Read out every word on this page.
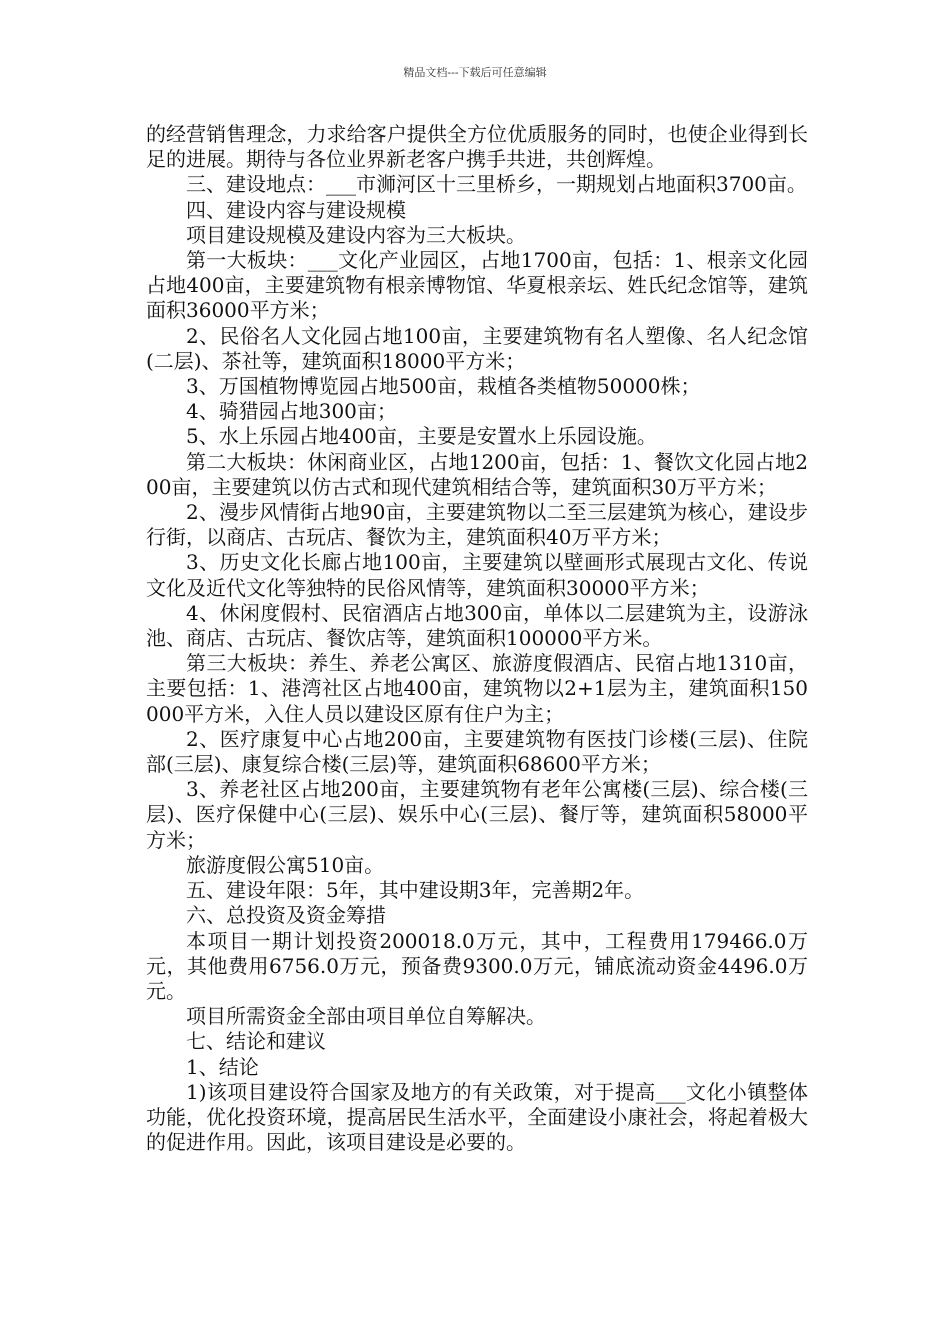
精品文档---下载后可任意编辑

的经营销售理念，力求给客户提供全方位优质服务的同时，也使企业得到长足的进展。期待与各位业界新老客户携手共进，共创辉煌。

三、建设地点：___市浉河区十三里桥乡，一期规划占地面积3700亩。

四、建设内容与建设规模

项目建设规模及建设内容为三大板块。

第一大板块：___文化产业园区，占地1700亩，包括：1、根亲文化园占地400亩，主要建筑物有根亲博物馆、华夏根亲坛、姓氏纪念馆等，建筑面积36000平方米；

2、民俗名人文化园占地100亩，主要建筑物有名人塑像、名人纪念馆(二层)、茶社等，建筑面积18000平方米；

3、万国植物博览园占地500亩，栽植各类植物50000株；

4、骑猎园占地300亩；

5、水上乐园占地400亩，主要是安置水上乐园设施。

第二大板块：休闲商业区，占地1200亩，包括：1、餐饮文化园占地200亩，主要建筑以仿古式和现代建筑相结合等，建筑面积30万平方米；

2、漫步风情街占地90亩，主要建筑物以二至三层建筑为核心，建设步行街，以商店、古玩店、餐饮为主，建筑面积40万平方米；

3、历史文化长廊占地100亩，主要建筑以壁画形式展现古文化、传说文化及近代文化等独特的民俗风情等，建筑面积30000平方米；

4、休闲度假村、民宿酒店占地300亩，单体以二层建筑为主，设游泳池、商店、古玩店、餐饮店等，建筑面积100000平方米。

第三大板块：养生、养老公寓区、旅游度假酒店、民宿占地1310亩，主要包括：1、港湾社区占地400亩，建筑物以2+1层为主，建筑面积150000平方米，入住人员以建设区原有住户为主；

2、医疗康复中心占地200亩，主要建筑物有医技门诊楼(三层)、住院部(三层)、康复综合楼(三层)等，建筑面积68600平方米；

3、养老社区占地200亩，主要建筑物有老年公寓楼(三层)、综合楼(三层)、医疗保健中心(三层)、娱乐中心(三层)、餐厅等，建筑面积58000平方米；

旅游度假公寓510亩。

五、建设年限：5年，其中建设期3年，完善期2年。

六、总投资及资金筹措

本项目一期计划投资200018.0万元，其中，工程费用179466.0万元，其他费用6756.0万元，预备费9300.0万元，铺底流动资金4496.0万元。

项目所需资金全部由项目单位自筹解决。

七、结论和建议

1、结论

1)该项目建设符合国家及地方的有关政策，对于提高___文化小镇整体功能，优化投资环境，提高居民生活水平，全面建设小康社会，将起着极大的促进作用。因此，该项目建设是必要的。
